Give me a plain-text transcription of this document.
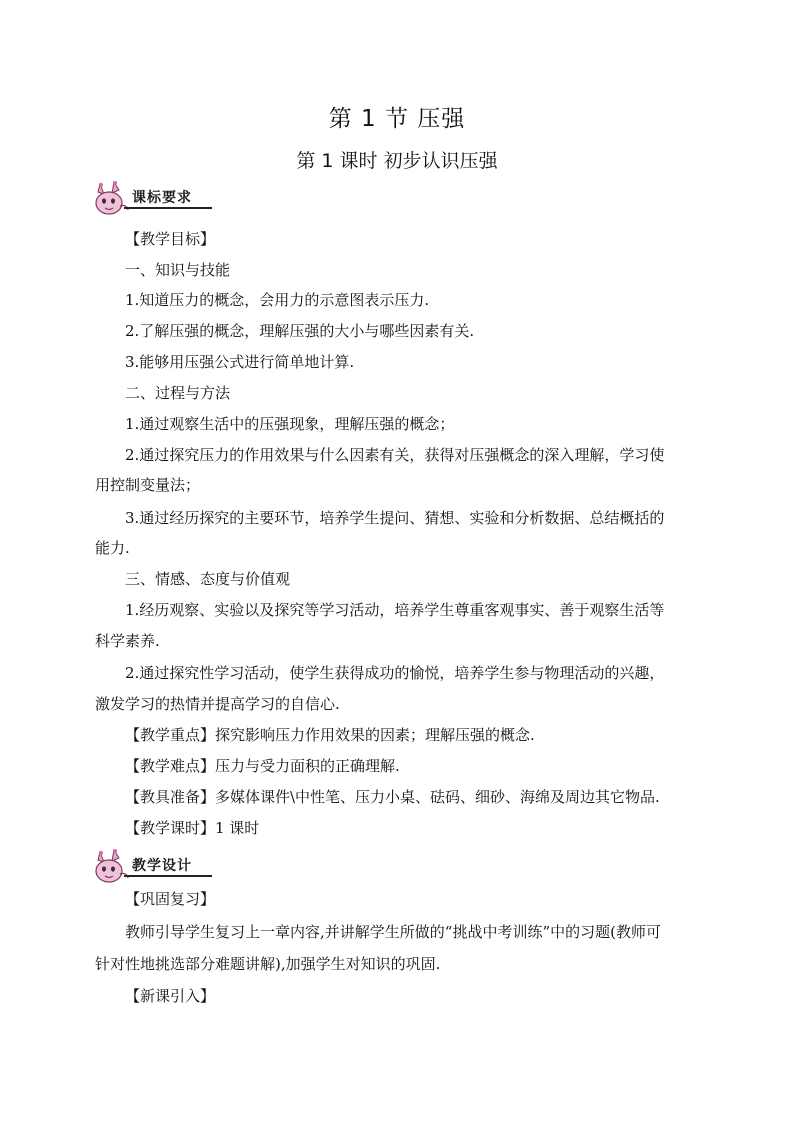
第 1 节 压强
第 1 课时 初步认识压强
课标要求
【教学目标】
一、知识与技能
1.知道压力的概念，会用力的示意图表示压力.
2.了解压强的概念，理解压强的大小与哪些因素有关.
3.能够用压强公式进行简单地计算.
二、过程与方法
1.通过观察生活中的压强现象，理解压强的概念；
2.通过探究压力的作用效果与什么因素有关，获得对压强概念的深入理解，学习使
用控制变量法；
3.通过经历探究的主要环节，培养学生提问、猜想、实验和分析数据、总结概括的
能力.
三、情感、态度与价值观
1.经历观察、实验以及探究等学习活动，培养学生尊重客观事实、善于观察生活等
科学素养.
2.通过探究性学习活动，使学生获得成功的愉悦，培养学生参与物理活动的兴趣，
激发学习的热情并提高学习的自信心.
【教学重点】探究影响压力作用效果的因素；理解压强的概念.
【教学难点】压力与受力面积的正确理解.
【教具准备】多媒体课件\中性笔、压力小桌、砝码、细砂、海绵及周边其它物品.
【教学课时】1 课时
教学设计
【巩固复习】
教师引导学生复习上一章内容,并讲解学生所做的“挑战中考训练”中的习题(教师可
针对性地挑选部分难题讲解),加强学生对知识的巩固.
【新课引入】
